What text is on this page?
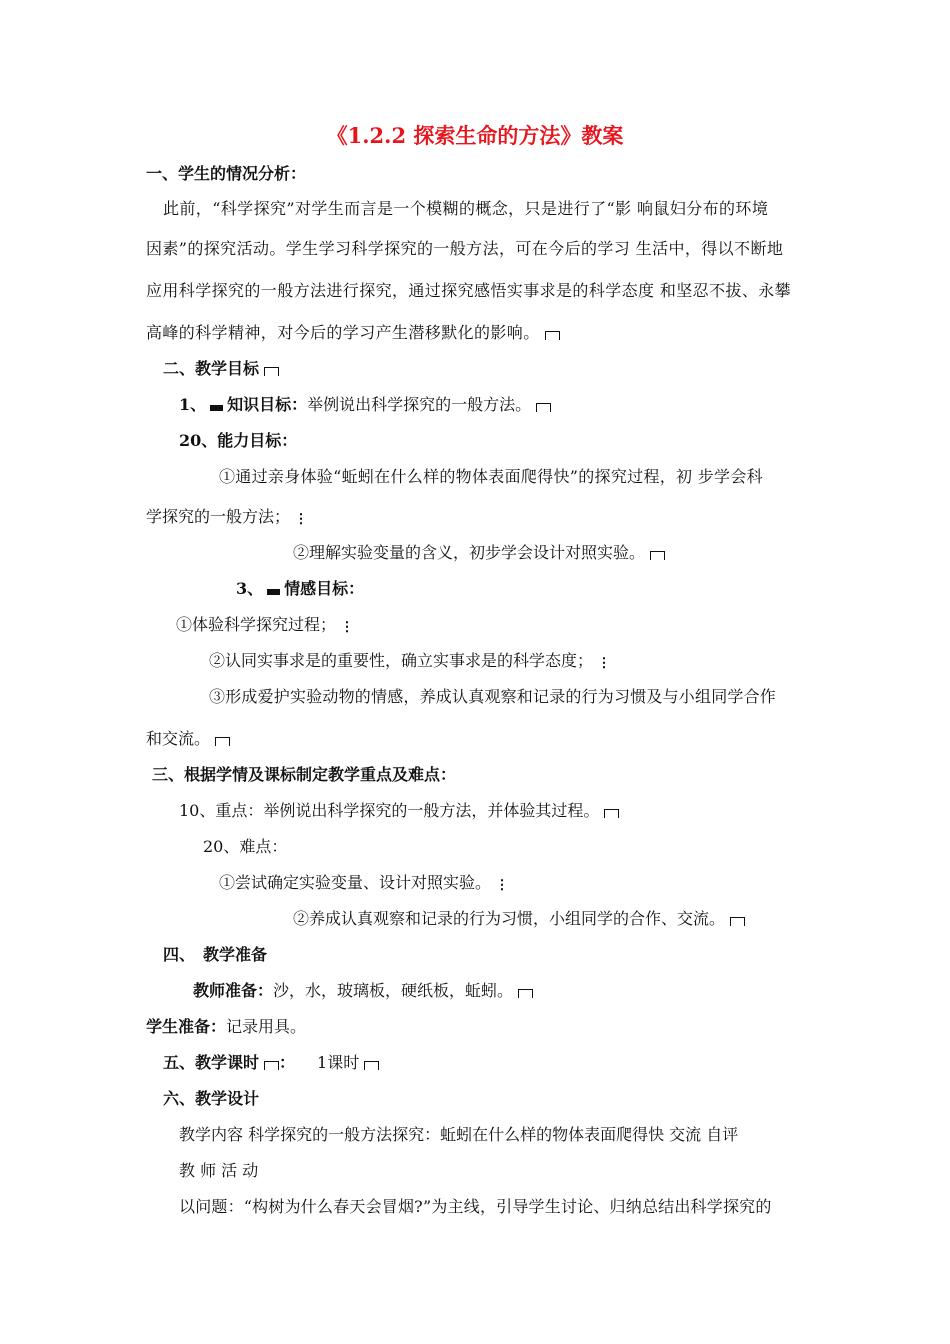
《1.2.2 探索生命的方法》教案
一、学生的情况分析：
此前，“科学探究”对学生而言是一个模糊的概念，只是进行了“影 响鼠妇分布的环境
因素”的探究活动。学生学习科学探究的一般方法，可在今后的学习 生活中，得以不断地
应用科学探究的一般方法进行探究，通过探究感悟实事求是的科学态度 和坚忍不拔、永攀
高峰的科学精神，对今后的学习产生潜移默化的影响。
二、教学目标
1、 知识目标：举例说出科学探究的一般方法。
20、能力目标：
①通过亲身体验“蚯蚓在什么样的物体表面爬得快”的探究过程，初 步学会科
学探究的一般方法；
②理解实验变量的含义，初步学会设计对照实验。
3、 情感目标：
①体验科学探究过程；
②认同实事求是的重要性，确立实事求是的科学态度；
③形成爱护实验动物的情感，养成认真观察和记录的行为习惯及与小组同学合作
和交流。
三、根据学情及课标制定教学重点及难点：
10、重点：举例说出科学探究的一般方法，并体验其过程。
20、难点：
①尝试确定实验变量、设计对照实验。
②养成认真观察和记录的行为习惯，小组同学的合作、交流。
四、　教学准备
教师准备：沙，水，玻璃板，硬纸板，蚯蚓。
学生准备：记录用具。
五、教学课时 ： 1课时
六、教学设计
教学内容 科学探究的一般方法探究：蚯蚓在什么样的物体表面爬得快 交流 自评
教 师 活 动
以问题：“构树为什么春天会冒烟?”为主线，引导学生讨论、归纳总结出科学探究的
